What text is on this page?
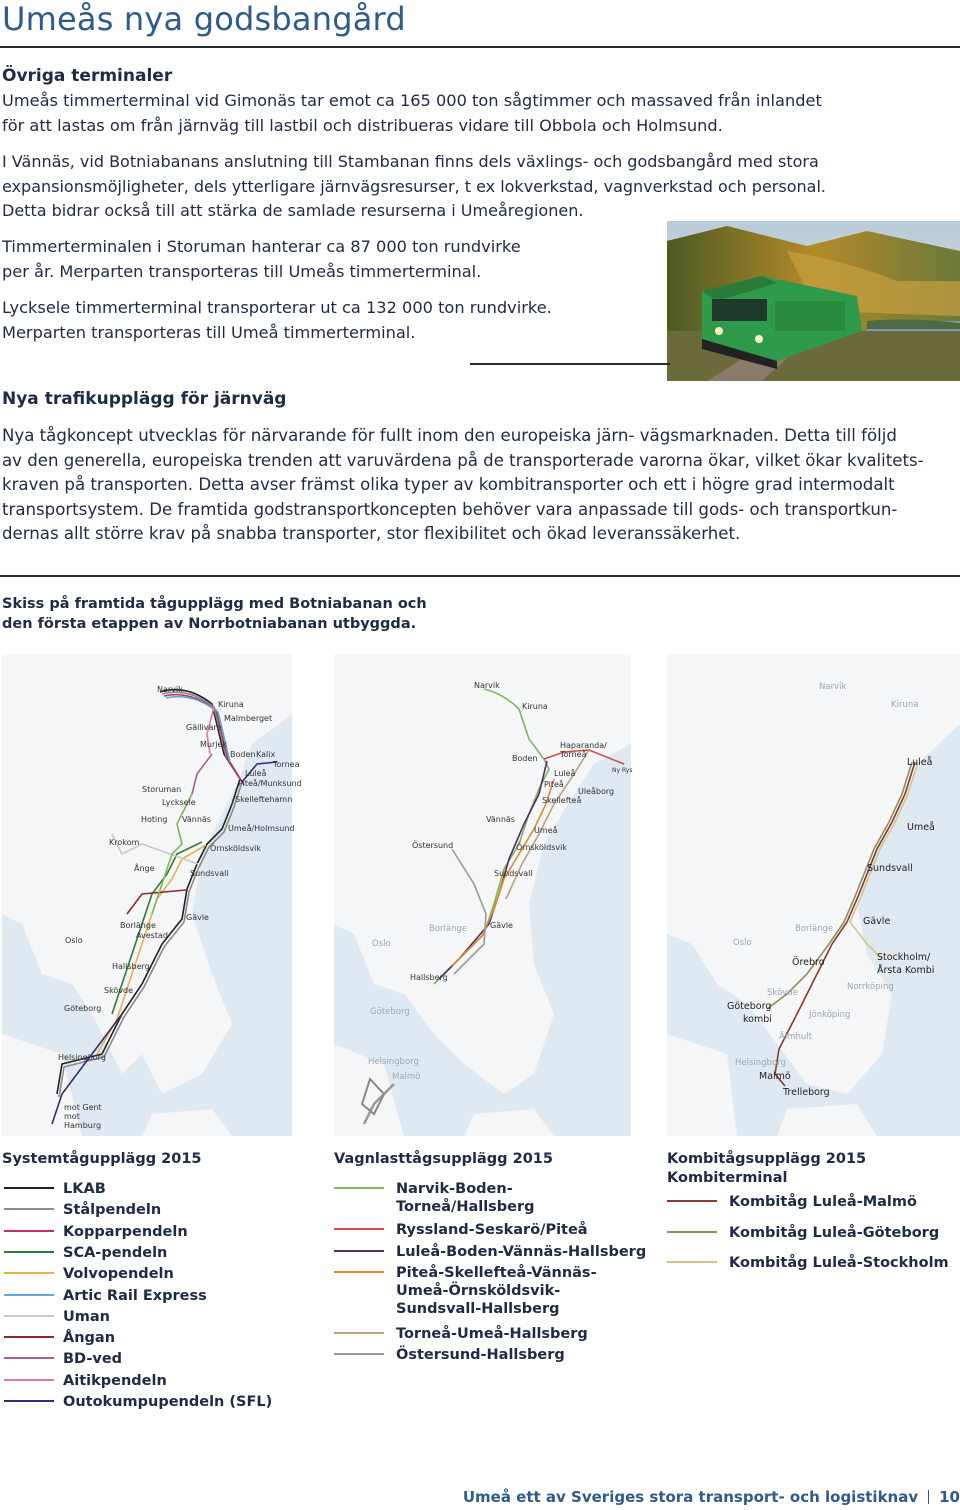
Umeås nya godsbangård
Övriga terminaler
Umeås timmerterminal vid Gimonäs tar emot ca 165 000 ton sågtimmer och massaved från inlandet
för att lastas om från järnväg till lastbil och distribueras vidare till Obbola och Holmsund.
I Vännäs, vid Botniabanans anslutning till Stambanan finns dels växlings- och godsbangård med stora
expansionsmöjligheter, dels ytterligare järnvägsresurser, t ex lokverkstad, vagnverkstad och personal.
Detta bidrar också till att stärka de samlade resurserna i Umeåregionen.
Timmerterminalen i Storuman hanterar ca 87 000 ton rundvirke
per år. Merparten transporteras till Umeås timmerterminal.
Lycksele timmerterminal transporterar ut ca 132 000 ton rundvirke.
Merparten transporteras till Umeå timmerterminal.
Nya trafikupplägg för järnväg
Nya tågkoncept utvecklas för närvarande för fullt inom den europeiska järn- vägsmarknaden. Detta till följd
av den generella, europeiska trenden att varuvärdena på de transporterade varorna ökar, vilket ökar kvalitets-
kraven på transporten. Detta avser främst olika typer av kombitransporter och ett i högre grad intermodalt
transportsystem. De framtida godstransportkoncepten behöver vara anpassade till gods- och transportkun-
dernas allt större krav på snabba transporter, stor flexibilitet och ökad leveranssäkerhet.
Skiss på framtida tågupplägg med Botniabanan och
den första etappen av Norrbotniabanan utbyggda.
Narvik
Kiruna
Malmberget
Gällivare
Murjek
Boden Kalix
Tornea
Luleå
Piteå/Munksund
Storuman
Lycksele	Skelleftehamn
Hoting Vännäs
Umeå/Holmsund
Krokom
Örnsköldsvik
Ånge
Sundsvall
Borlänge
Avestad
Gävle
Oslo
Hallsberg
Skövde
Göteborg
Helsingborg
mot Gent
mot
Hamburg
Narvik
Kiruna
Haparanda/
Torneå
Boden
Luleå
Piteå
Uleåborg
Skellefteå
Ny Rys
Vännäs
Umeå
Östersund	Örnsköldsvik
Sundsvall
Borlänge	Gävle
Oslo
Hallsberg
Göteborg
Helsingborg
Malmö
Narvik
Kiruna
Luleå
Umeå
Sundsvall
Borlänge
Gävle
Oslo
Örebro	Stockholm/
Årsta Kombi
Skövde
Norrköping
Göteborg
kombi	Jönköping
Älmhult
Helsingborg
Malmö
Trelleborg
Systemtågupplägg 2015	Vagnlasttågsupplägg 2015	Kombitågsupplägg 2015
Kombiterminal
Umeå ett av Sveriges stora transport- och logistiknav 10
LKAB
Stålpendeln
Kopparpendeln
SCA-pendeln
Volvopendeln
Artic Rail Express
Uman
Ångan
BD-ved
Aitikpendeln
Outokumpupendeln (SFL)
Narvik-Boden-
Torneå/Hallsberg
Ryssland-Seskarö/Piteå
Luleå-Boden-Vännäs-Hallsberg
Piteå-Skellefteå-Vännäs-
Umeå-Örnsköldsvik-
Sundsvall-Hallsberg
Torneå-Umeå-Hallsberg
Östersund-Hallsberg
Kombitåg Luleå-Malmö
Kombitåg Luleå-Göteborg
Kombitåg Luleå-Stockholm
